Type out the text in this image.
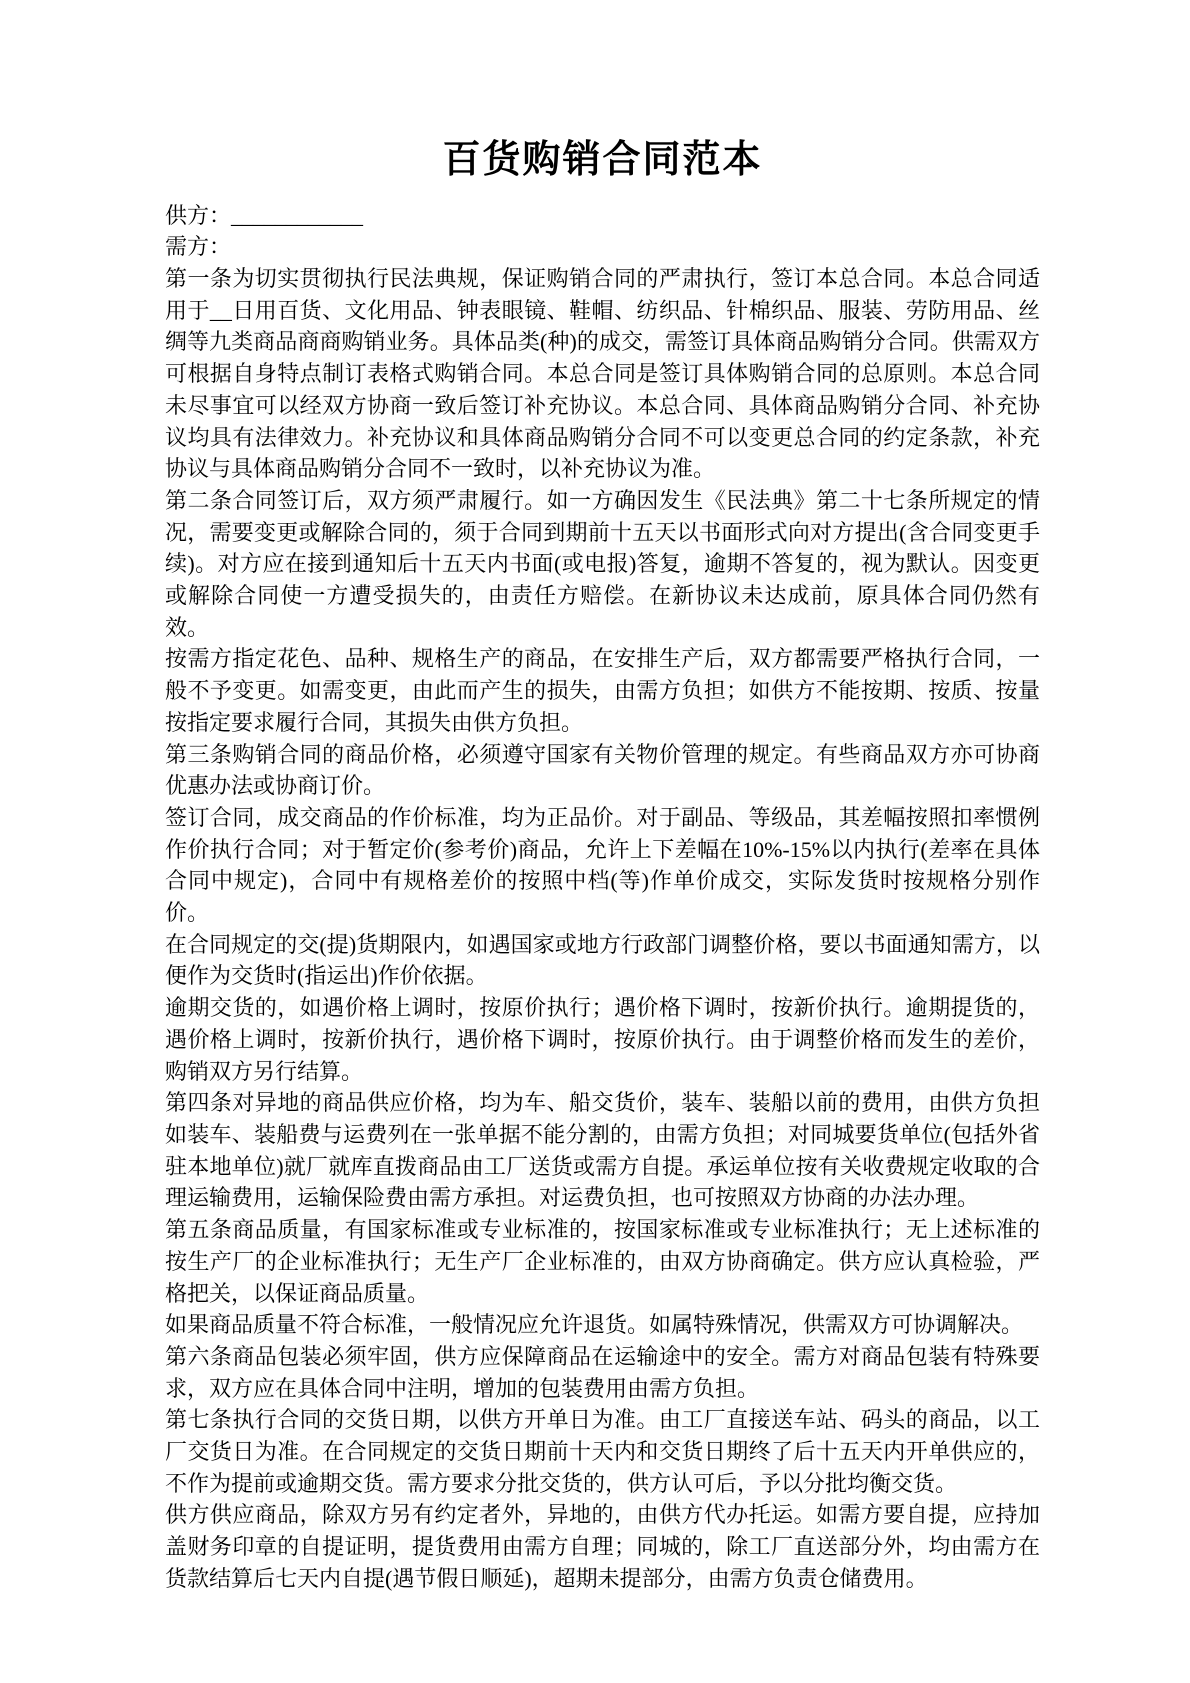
百货购销合同范本

供方：____________

需方：

第一条为切实贯彻执行民法典规，保证购销合同的严肃执行，签订本总合同。本总合同适用于__日用百货、文化用品、钟表眼镜、鞋帽、纺织品、针棉织品、服装、劳防用品、丝绸等九类商品商商购销业务。具体品类(种)的成交，需签订具体商品购销分合同。供需双方可根据自身特点制订表格式购销合同。本总合同是签订具体购销合同的总原则。本总合同未尽事宜可以经双方协商一致后签订补充协议。本总合同、具体商品购销分合同、补充协议均具有法律效力。补充协议和具体商品购销分合同不可以变更总合同的约定条款，补充协议与具体商品购销分合同不一致时，以补充协议为准。

第二条合同签订后，双方须严肃履行。如一方确因发生《民法典》第二十七条所规定的情况，需要变更或解除合同的，须于合同到期前十五天以书面形式向对方提出(含合同变更手续)。对方应在接到通知后十五天内书面(或电报)答复，逾期不答复的，视为默认。因变更或解除合同使一方遭受损失的，由责任方赔偿。在新协议未达成前，原具体合同仍然有效。

按需方指定花色、品种、规格生产的商品，在安排生产后，双方都需要严格执行合同，一般不予变更。如需变更，由此而产生的损失，由需方负担；如供方不能按期、按质、按量按指定要求履行合同，其损失由供方负担。

第三条购销合同的商品价格，必须遵守国家有关物价管理的规定。有些商品双方亦可协商优惠办法或协商订价。

签订合同，成交商品的作价标准，均为正品价。对于副品、等级品，其差幅按照扣率惯例作价执行合同；对于暂定价(参考价)商品，允许上下差幅在10%-15%以内执行(差率在具体合同中规定)，合同中有规格差价的按照中档(等)作单价成交，实际发货时按规格分别作价。

在合同规定的交(提)货期限内，如遇国家或地方行政部门调整价格，要以书面通知需方，以便作为交货时(指运出)作价依据。

逾期交货的，如遇价格上调时，按原价执行；遇价格下调时，按新价执行。逾期提货的，遇价格上调时，按新价执行，遇价格下调时，按原价执行。由于调整价格而发生的差价，购销双方另行结算。

第四条对异地的商品供应价格，均为车、船交货价，装车、装船以前的费用，由供方负担如装车、装船费与运费列在一张单据不能分割的，由需方负担；对同城要货单位(包括外省驻本地单位)就厂就库直拨商品由工厂送货或需方自提。承运单位按有关收费规定收取的合理运输费用，运输保险费由需方承担。对运费负担，也可按照双方协商的办法办理。

第五条商品质量，有国家标准或专业标准的，按国家标准或专业标准执行；无上述标准的按生产厂的企业标准执行；无生产厂企业标准的，由双方协商确定。供方应认真检验，严格把关，以保证商品质量。

如果商品质量不符合标准，一般情况应允许退货。如属特殊情况，供需双方可协调解决。

第六条商品包装必须牢固，供方应保障商品在运输途中的安全。需方对商品包装有特殊要求，双方应在具体合同中注明，增加的包装费用由需方负担。

第七条执行合同的交货日期，以供方开单日为准。由工厂直接送车站、码头的商品，以工厂交货日为准。在合同规定的交货日期前十天内和交货日期终了后十五天内开单供应的，不作为提前或逾期交货。需方要求分批交货的，供方认可后，予以分批均衡交货。

供方供应商品，除双方另有约定者外，异地的，由供方代办托运。如需方要自提，应持加盖财务印章的自提证明，提货费用由需方自理；同城的，除工厂直送部分外，均由需方在货款结算后七天内自提(遇节假日顺延)，超期未提部分，由需方负责仓储费用。
